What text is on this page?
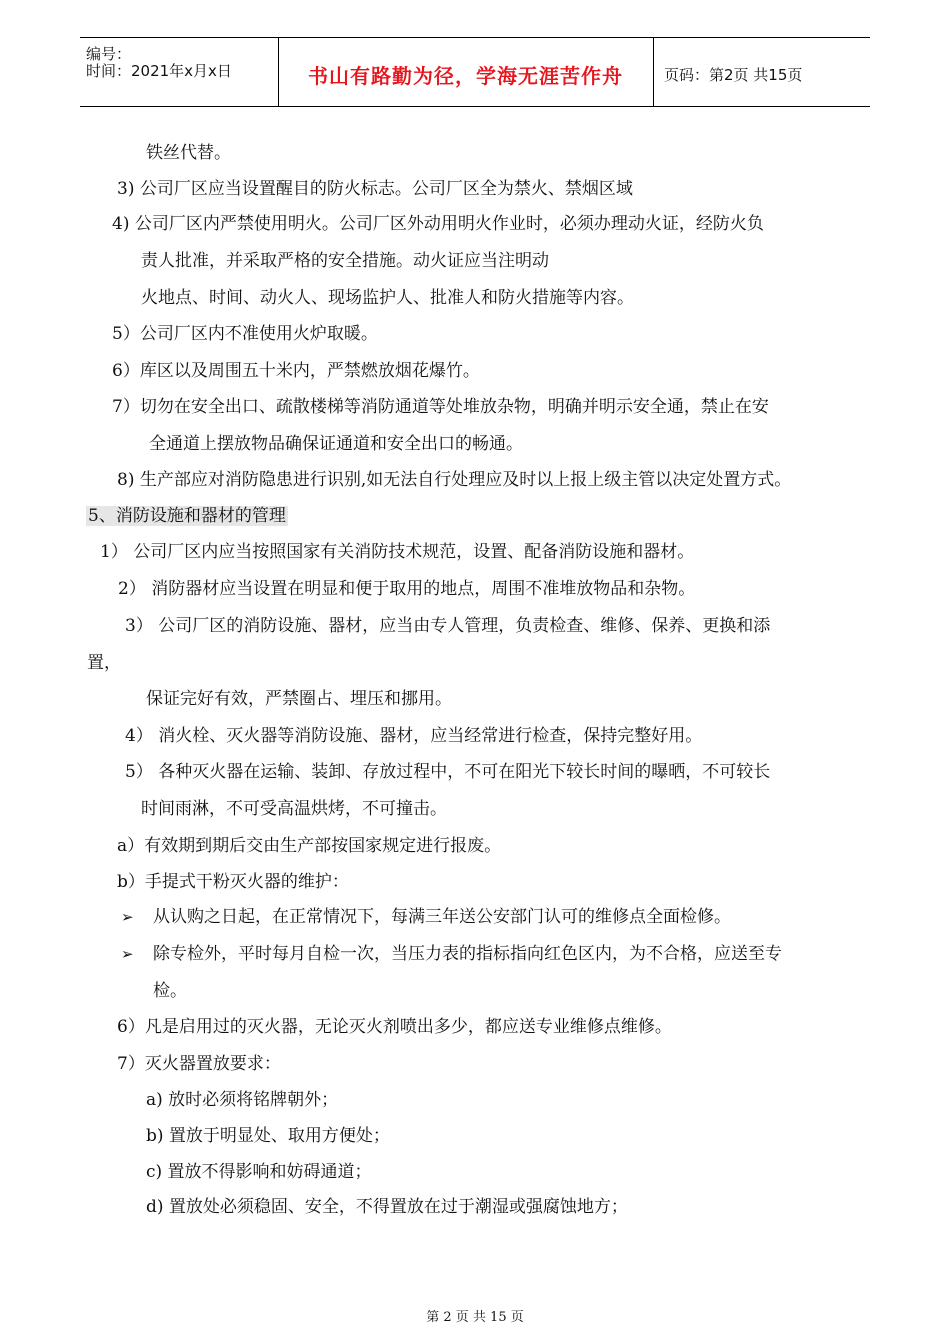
编号：
时间：2021年x月x日	书山有路勤为径，学海无涯苦作舟	页码：第2页 共15页
铁丝代替。
3) 公司厂区应当设置醒目的防火标志。公司厂区全为禁火、禁烟区域
4) 公司厂区内严禁使用明火。公司厂区外动用明火作业时，必须办理动火证，经防火负
责人批准，并采取严格的安全措施。动火证应当注明动
火地点、时间、动火人、现场监护人、批准人和防火措施等内容。
5）公司厂区内不准使用火炉取暖。
6）库区以及周围五十米内，严禁燃放烟花爆竹。
7）切勿在安全出口、疏散楼梯等消防通道等处堆放杂物，明确并明示安全通，禁止在安
全通道上摆放物品确保证通道和安全出口的畅通。
8) 生产部应对消防隐患进行识别,如无法自行处理应及时以上报上级主管以决定处置方式。
5、消防设施和器材的管理
1） 公司厂区内应当按照国家有关消防技术规范，设置、配备消防设施和器材。
2） 消防器材应当设置在明显和便于取用的地点，周围不准堆放物品和杂物。
3） 公司厂区的消防设施、器材，应当由专人管理，负责检查、维修、保养、更换和添
置，
保证完好有效，严禁圈占、埋压和挪用。
4） 消火栓、灭火器等消防设施、器材，应当经常进行检查，保持完整好用。
5） 各种灭火器在运输、装卸、存放过程中，不可在阳光下较长时间的曝晒，不可较长
时间雨淋，不可受高温烘烤，不可撞击。
a）有效期到期后交由生产部按国家规定进行报废。
b）手提式干粉灭火器的维护：
➢ 从认购之日起，在正常情况下，每满三年送公安部门认可的维修点全面检修。
➢ 除专检外，平时每月自检一次，当压力表的指标指向红色区内，为不合格，应送至专
检。
6）凡是启用过的灭火器，无论灭火剂喷出多少，都应送专业维修点维修。
7）灭火器置放要求：
a) 放时必须将铭牌朝外；
b) 置放于明显处、取用方便处；
c) 置放不得影响和妨碍通道；
d) 置放处必须稳固、安全，不得置放在过于潮湿或强腐蚀地方；
第 2 页 共 15 页
